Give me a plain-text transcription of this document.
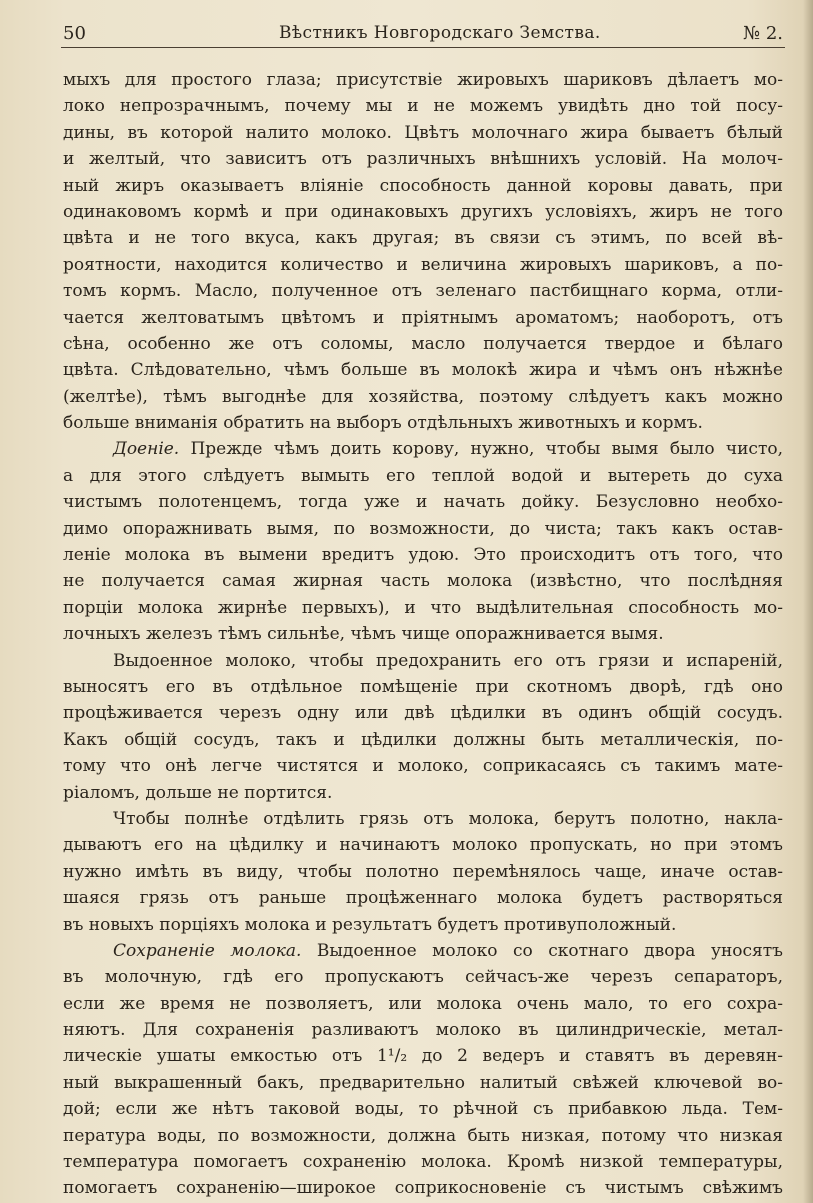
50	Вѣстникъ Новгородскаго Земства.	№ 2.
мыхъ для простого глаза; присутствіе жировыхъ шариковъ дѣлаетъ мо-
локо непрозрачнымъ, почему мы и не можемъ увидѣть дно той посу-
дины, въ которой налито молоко. Цвѣтъ молочнаго жира бываетъ бѣлый
и желтый, что зависитъ отъ различныхъ внѣшнихъ условій. На молоч-
ный жиръ оказываетъ вліяніе способность данной коровы давать, при
одинаковомъ кормѣ и при одинаковыхъ другихъ условіяхъ, жиръ не того
цвѣта и не того вкуса, какъ другая; въ связи съ этимъ, по всей вѣ-
роятности, находится количество и величина жировыхъ шариковъ, а по-
томъ кормъ. Масло, полученное отъ зеленаго пастбищнаго корма, отли-
чается желтоватымъ цвѣтомъ и пріятнымъ ароматомъ; наоборотъ, отъ
сѣна, особенно же отъ соломы, масло получается твердое и бѣлаго
цвѣта. Слѣдовательно, чѣмъ больше въ молокѣ жира и чѣмъ онъ нѣжнѣе
(желтѣе), тѣмъ выгоднѣе для хозяйства, поэтому слѣдуетъ какъ можно
больше вниманія обратить на выборъ отдѣльныхъ животныхъ и кормъ.
Доеніе. Прежде чѣмъ доить корову, нужно, чтобы вымя было чисто,
а для этого слѣдуетъ вымыть его теплой водой и вытереть до суха
чистымъ полотенцемъ, тогда уже и начать дойку. Безусловно необхо-
димо опоражнивать вымя, по возможности, до чиста; такъ какъ остав-
леніе молока въ вымени вредитъ удою. Это происходитъ отъ того, что
не получается самая жирная часть молока (извѣстно, что послѣдняя
порціи молока жирнѣе первыхъ), и что выдѣлительная способность мо-
лочныхъ железъ тѣмъ сильнѣе, чѣмъ чище опоражнивается вымя.
Выдоенное молоко, чтобы предохранить его отъ грязи и испареній,
выносятъ его въ отдѣльное помѣщеніе при скотномъ дворѣ, гдѣ оно
процѣживается черезъ одну или двѣ цѣдилки въ одинъ общій сосудъ.
Какъ общій сосудъ, такъ и цѣдилки должны быть металлическія, по-
тому что онѣ легче чистятся и молоко, соприкасаясь съ такимъ мате-
ріаломъ, дольше не портится.
Чтобы полнѣе отдѣлить грязь отъ молока, берутъ полотно, накла-
дываютъ его на цѣдилку и начинаютъ молоко пропускать, но при этомъ
нужно имѣть въ виду, чтобы полотно перемѣнялось чаще, иначе остав-
шаяся грязь отъ раньше процѣженнаго молока будетъ растворяться
въ новыхъ порціяхъ молока и результатъ будетъ противуположный.
Сохраненіе молока. Выдоенное молоко со скотнаго двора уносятъ
въ молочную, гдѣ его пропускаютъ сейчасъ-же черезъ сепараторъ,
если же время не позволяетъ, или молока очень мало, то его сохра-
няютъ. Для сохраненія разливаютъ молоко въ цилиндрическіе, метал-
лическіе ушаты емкостью отъ 1¹/₂ до 2 ведеръ и ставятъ въ деревян-
ный выкрашенный бакъ, предварительно налитый свѣжей ключевой во-
дой; если же нѣтъ таковой воды, то рѣчной съ прибавкою льда. Тем-
пература воды, по возможности, должна быть низкая, потому что низкая
температура помогаетъ сохраненію молока. Кромѣ низкой температуры,
помогаетъ сохраненію—широкое соприкосновеніе съ чистымъ свѣжимъ
